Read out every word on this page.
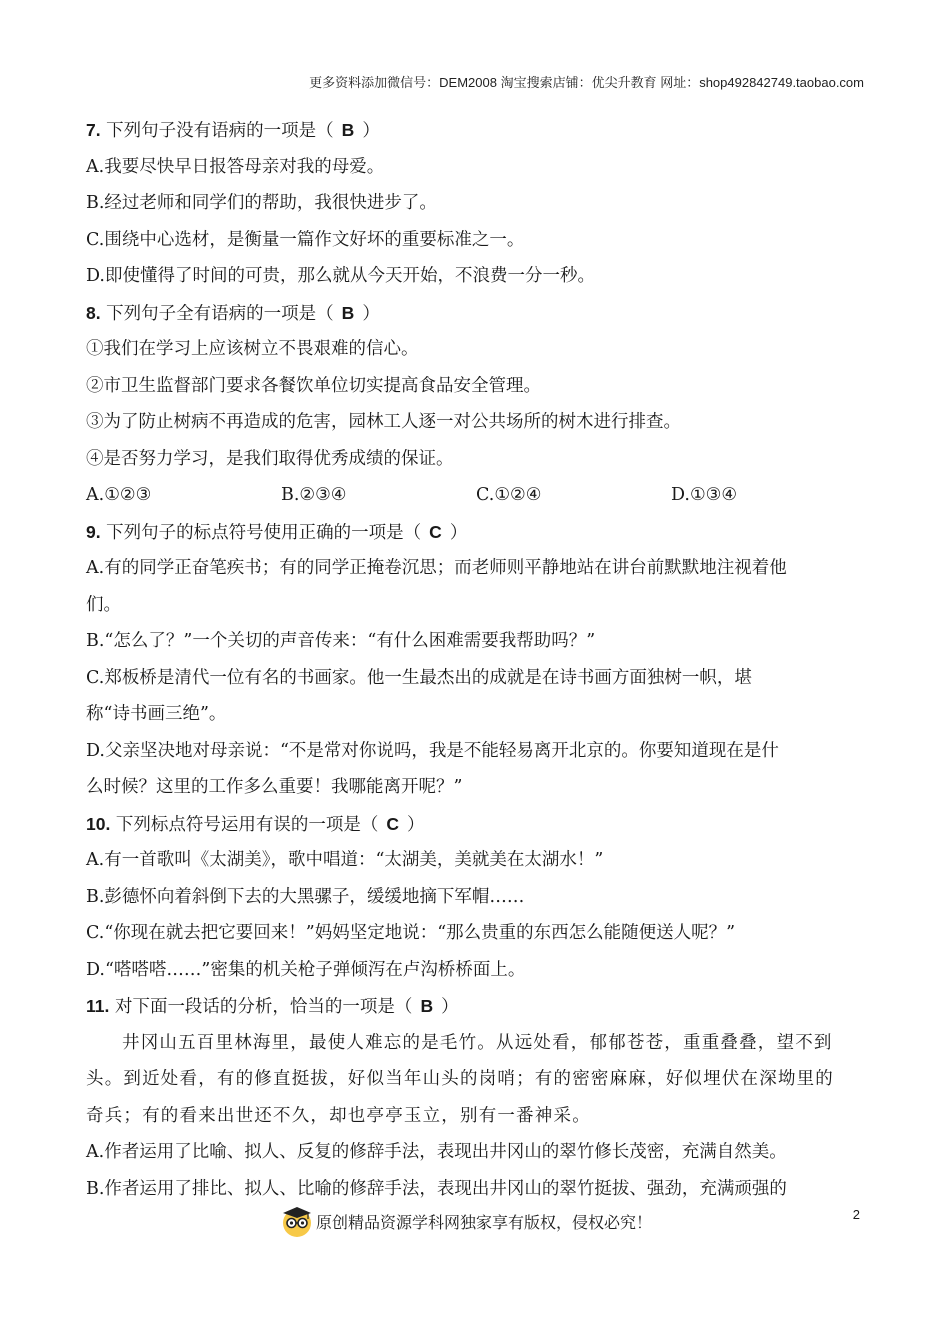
更多资料添加微信号：DEM2008 淘宝搜索店铺：优尖升教育 网址：shop492842749.taobao.com
7. 下列句子没有语病的一项是（ B ）
A.我要尽快早日报答母亲对我的母爱。
B.经过老师和同学们的帮助，我很快进步了。
C.围绕中心选材，是衡量一篇作文好坏的重要标准之一。
D.即使懂得了时间的可贵，那么就从今天开始，不浪费一分一秒。
8. 下列句子全有语病的一项是（ B ）
①我们在学习上应该树立不畏艰难的信心。
②市卫生监督部门要求各餐饮单位切实提高食品安全管理。
③为了防止树病不再造成的危害，园林工人逐一对公共场所的树木进行排查。
④是否努力学习，是我们取得优秀成绩的保证。
A.①②③	B.②③④	C.①②④	D.①③④
9. 下列句子的标点符号使用正确的一项是（ C ）
A.有的同学正奋笔疾书；有的同学正掩卷沉思；而老师则平静地站在讲台前默默地注视着他
们。
B.“怎么了？”一个关切的声音传来：“有什么困难需要我帮助吗？”
C.郑板桥是清代一位有名的书画家。他一生最杰出的成就是在诗书画方面独树一帜，堪
称“诗书画三绝”。
D.父亲坚决地对母亲说：“不是常对你说吗，我是不能轻易离开北京的。你要知道现在是什
么时候？这里的工作多么重要！我哪能离开呢？”
10. 下列标点符号运用有误的一项是（ C ）
A.有一首歌叫《太湖美》，歌中唱道：“太湖美，美就美在太湖水！”
B.彭德怀向着斜倒下去的大黑骡子，缓缓地摘下军帽……
C.“你现在就去把它要回来！”妈妈坚定地说：“那么贵重的东西怎么能随便送人呢？”
D.“嗒嗒嗒……”密集的机关枪子弹倾泻在卢沟桥桥面上。
11. 对下面一段话的分析，恰当的一项是（ B ）
井冈山五百里林海里，最使人难忘的是毛竹。从远处看，郁郁苍苍，重重叠叠，望不到
头。到近处看，有的修直挺拔，好似当年山头的岗哨；有的密密麻麻，好似埋伏在深坳里的
奇兵；有的看来出世还不久，却也亭亭玉立，别有一番神采。
A.作者运用了比喻、拟人、反复的修辞手法，表现出井冈山的翠竹修长茂密，充满自然美。
B.作者运用了排比、拟人、比喻的修辞手法，表现出井冈山的翠竹挺拔、强劲，充满顽强的
原创精品资源学科网独家享有版权，侵权必究！	2
